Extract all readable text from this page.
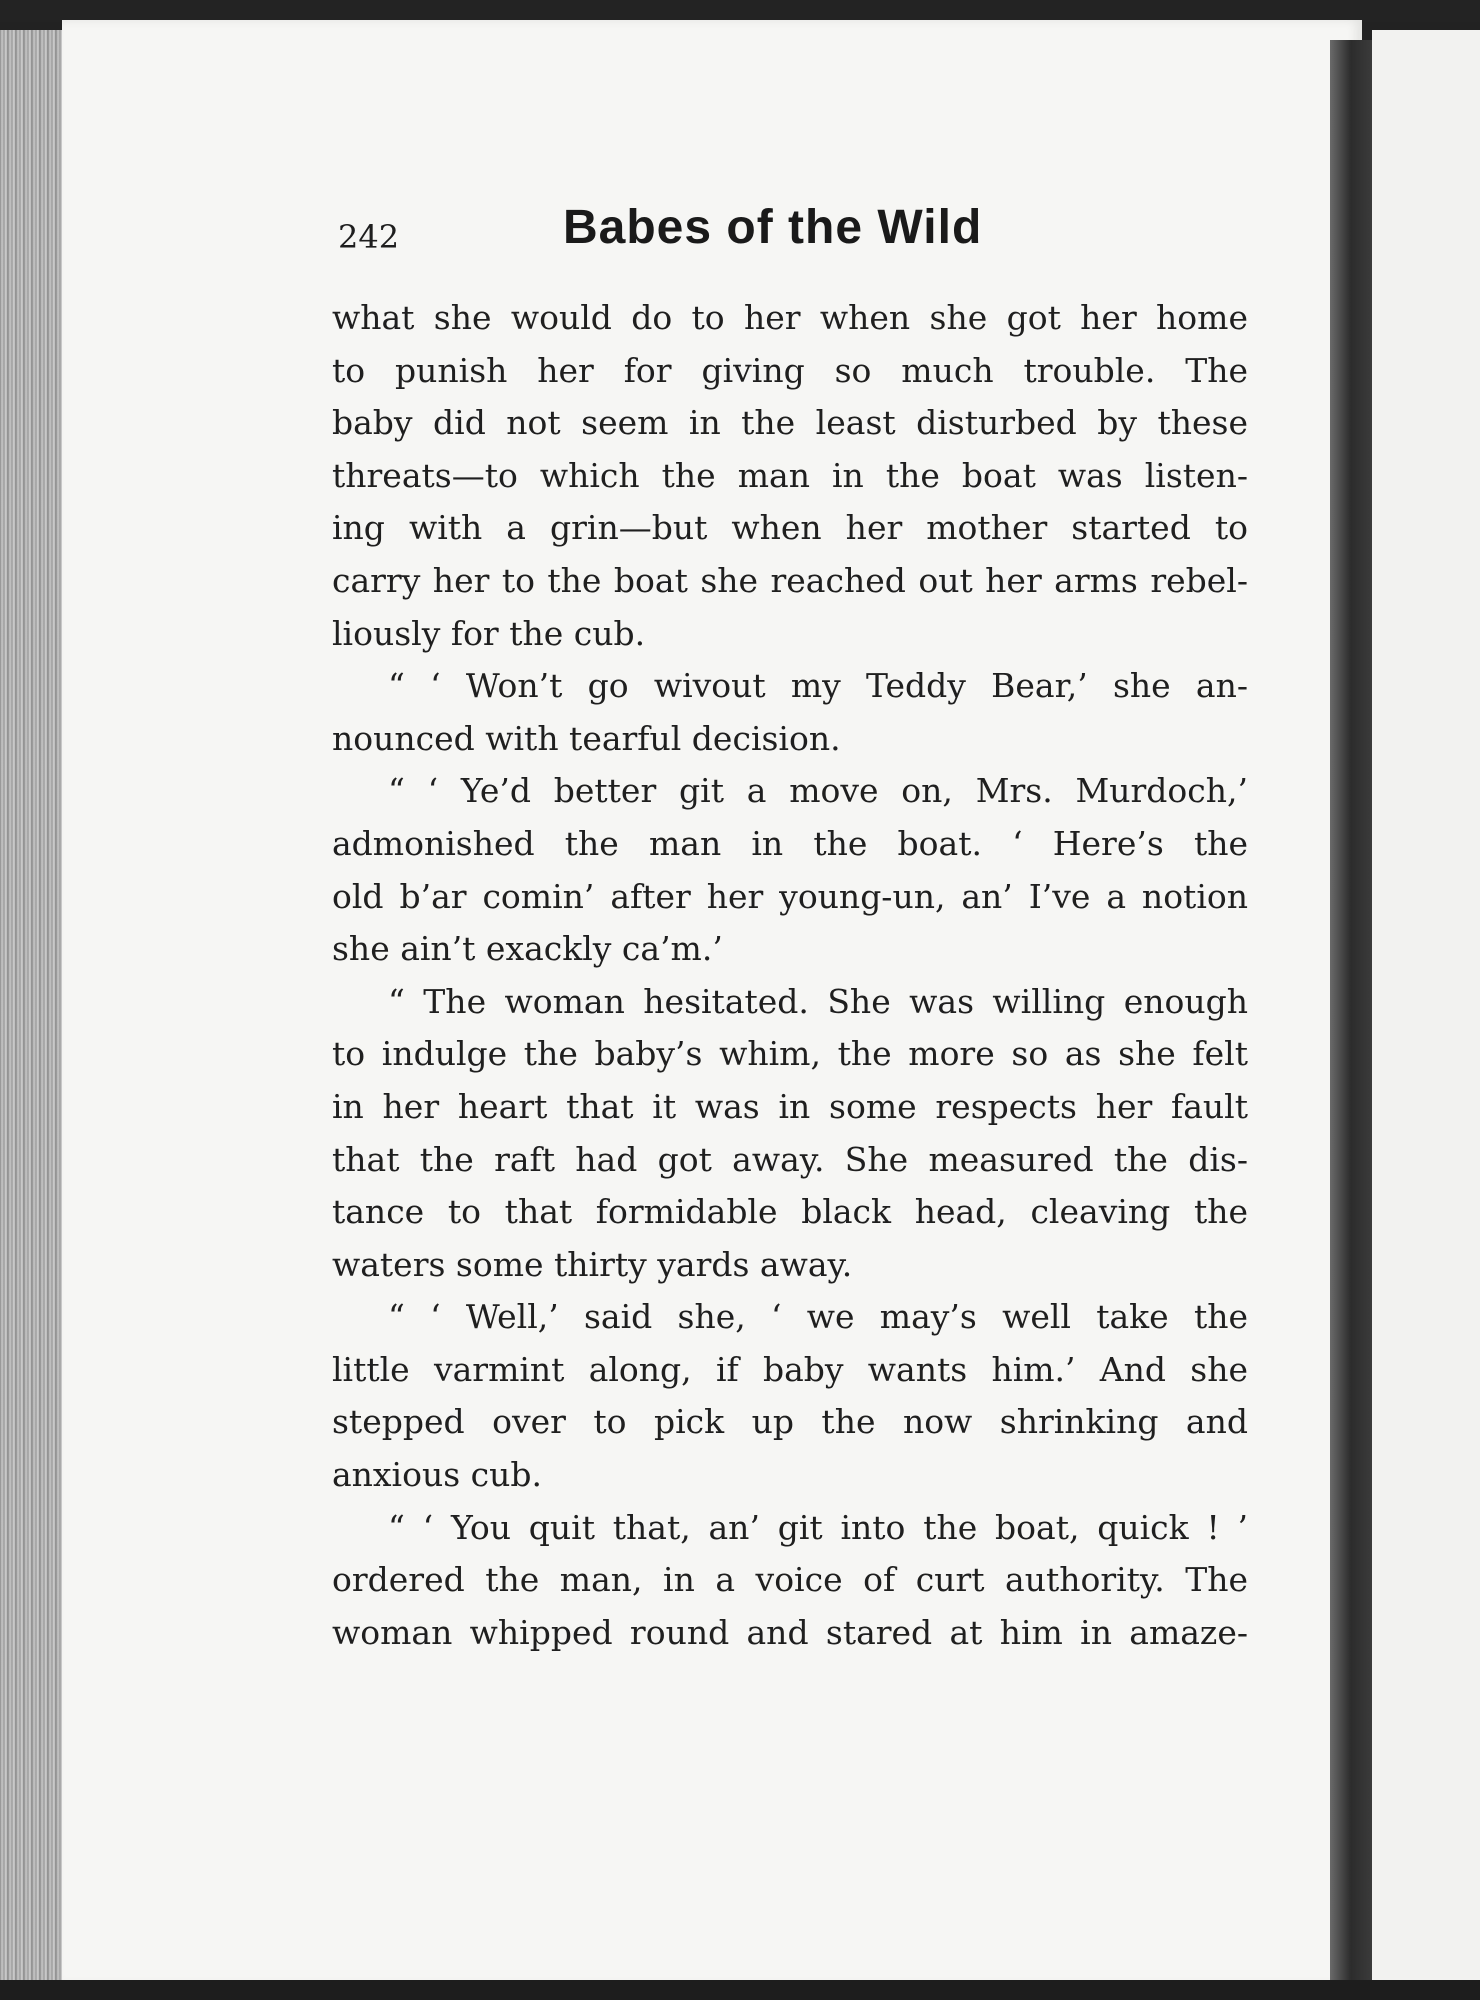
242	Babes of the Wild
what she would do to her when she got her home
to punish her for giving so much trouble. The
baby did not seem in the least disturbed by these
threats—to which the man in the boat was listen-
ing with a grin—but when her mother started to
carry her to the boat she reached out her arms rebel-
liously for the cub.
“ ‘ Won’t go wivout my Teddy Bear,’ she an-
nounced with tearful decision.
“ ‘ Ye’d better git a move on, Mrs. Murdoch,’
admonished the man in the boat. ‘ Here’s the
old b’ar comin’ after her young-un, an’ I’ve a notion
she ain’t exackly ca’m.’
“ The woman hesitated. She was willing enough
to indulge the baby’s whim, the more so as she felt
in her heart that it was in some respects her fault
that the raft had got away. She measured the dis-
tance to that formidable black head, cleaving the
waters some thirty yards away.
“ ‘ Well,’ said she, ‘ we may’s well take the
little varmint along, if baby wants him.’ And she
stepped over to pick up the now shrinking and
anxious cub.
“ ‘ You quit that, an’ git into the boat, quick ! ’
ordered the man, in a voice of curt authority. The
woman whipped round and stared at him in amaze-
